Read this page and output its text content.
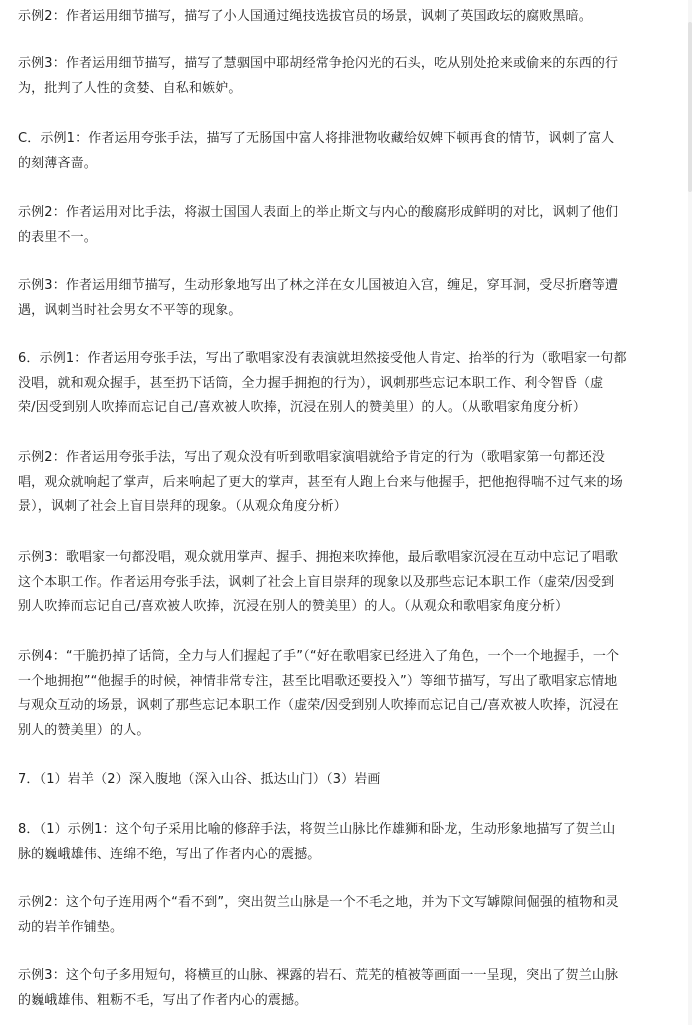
示例2：作者运用细节描写，描写了小人国通过绳技选拔官员的场景，讽刺了英国政坛的腐败黑暗。

示例3：作者运用细节描写，描写了慧骃国中耶胡经常争抢闪光的石头，吃从别处抢来或偷来的东西的行
为，批判了人性的贪婪、自私和嫉妒。

C．示例1：作者运用夸张手法，描写了无肠国中富人将排泄物收藏给奴婢下顿再食的情节，讽刺了富人
的刻薄吝啬。

示例2：作者运用对比手法，将淑士国国人表面上的举止斯文与内心的酸腐形成鲜明的对比，讽刺了他们
的表里不一。

示例3：作者运用细节描写，生动形象地写出了林之洋在女儿国被迫入宫，缠足，穿耳洞，受尽折磨等遭
遇，讽刺当时社会男女不平等的现象。

6．示例1：作者运用夸张手法，写出了歌唱家没有表演就坦然接受他人肯定、抬举的行为（歌唱家一句都
没唱，就和观众握手，甚至扔下话筒，全力握手拥抱的行为），讽刺那些忘记本职工作、利令智昏（虚
荣/因受到别人吹捧而忘记自己/喜欢被人吹捧，沉浸在别人的赞美里）的人。（从歌唱家角度分析）

示例2：作者运用夸张手法，写出了观众没有听到歌唱家演唱就给予肯定的行为（歌唱家第一句都还没
唱，观众就响起了掌声，后来响起了更大的掌声，甚至有人跑上台来与他握手，把他抱得喘不过气来的场
景），讽刺了社会上盲目崇拜的现象。（从观众角度分析）

示例3：歌唱家一句都没唱，观众就用掌声、握手、拥抱来吹捧他，最后歌唱家沉浸在互动中忘记了唱歌
这个本职工作。作者运用夸张手法，讽刺了社会上盲目崇拜的现象以及那些忘记本职工作（虚荣/因受到
别人吹捧而忘记自己/喜欢被人吹捧，沉浸在别人的赞美里）的人。（从观众和歌唱家角度分析）

示例4：“干脆扔掉了话筒，全力与人们握起了手”（“好在歌唱家已经进入了角色，一个一个地握手，一个
一个地拥抱”“他握手的时候，神情非常专注，甚至比唱歌还要投入”）等细节描写，写出了歌唱家忘情地
与观众互动的场景，讽刺了那些忘记本职工作（虚荣/因受到别人吹捧而忘记自己/喜欢被人吹捧，沉浸在
别人的赞美里）的人。

7．（1）岩羊（2）深入腹地（深入山谷、抵达山门）（3）岩画

8．（1）示例1：这个句子采用比喻的修辞手法，将贺兰山脉比作雄狮和卧龙，生动形象地描写了贺兰山
脉的巍峨雄伟、连绵不绝，写出了作者内心的震撼。

示例2：这个句子连用两个“看不到”，突出贺兰山脉是一个不毛之地，并为下文写罅隙间倔强的植物和灵
动的岩羊作铺垫。

示例3：这个句子多用短句，将横亘的山脉、裸露的岩石、荒芜的植被等画面一一呈现，突出了贺兰山脉
的巍峨雄伟、粗粝不毛，写出了作者内心的震撼。
